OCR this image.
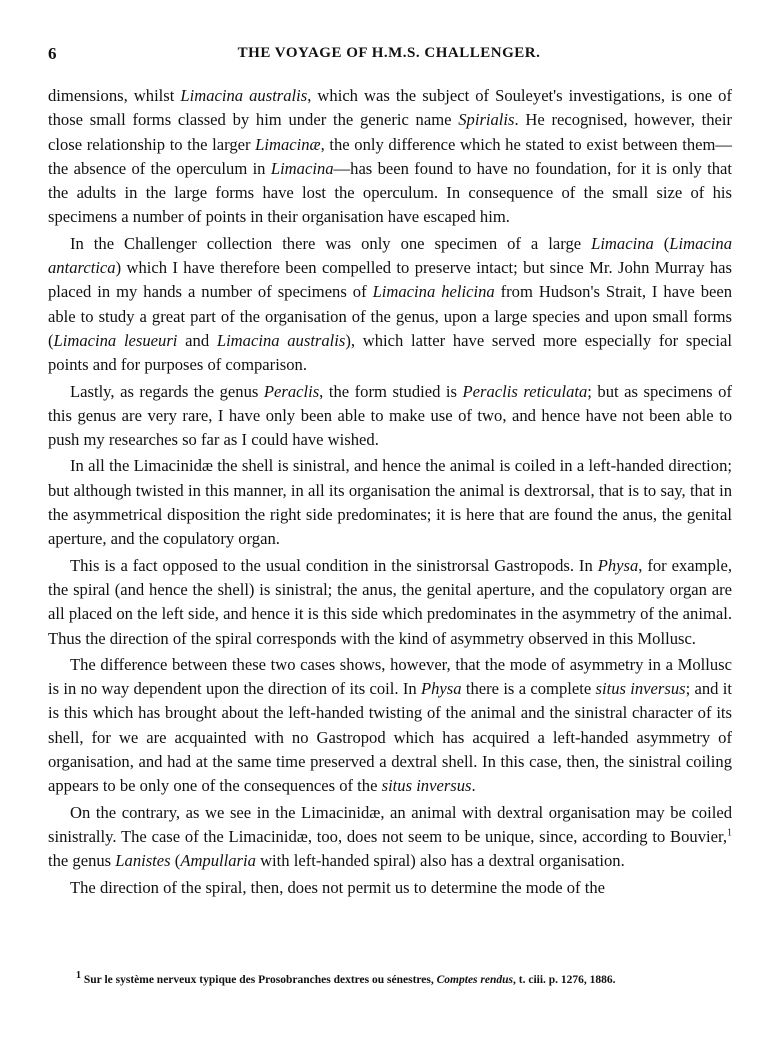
6	THE VOYAGE OF H.M.S. CHALLENGER.

dimensions, whilst Limacina australis, which was the subject of Souleyet's investigations, is one of those small forms classed by him under the generic name Spirialis. He recognised, however, their close relationship to the larger Limacinæ, the only difference which he stated to exist between them—the absence of the operculum in Limacina—has been found to have no foundation, for it is only that the adults in the large forms have lost the operculum. In consequence of the small size of his specimens a number of points in their organisation have escaped him.

In the Challenger collection there was only one specimen of a large Limacina (Limacina antarctica) which I have therefore been compelled to preserve intact; but since Mr. John Murray has placed in my hands a number of specimens of Limacina helicina from Hudson's Strait, I have been able to study a great part of the organisation of the genus, upon a large species and upon small forms (Limacina lesueuri and Limacina australis), which latter have served more especially for special points and for purposes of comparison.

Lastly, as regards the genus Peraclis, the form studied is Peraclis reticulata; but as specimens of this genus are very rare, I have only been able to make use of two, and hence have not been able to push my researches so far as I could have wished.

In all the Limacinidæ the shell is sinistral, and hence the animal is coiled in a left-handed direction; but although twisted in this manner, in all its organisation the animal is dextrorsal, that is to say, that in the asymmetrical disposition the right side predominates; it is here that are found the anus, the genital aperture, and the copulatory organ.

This is a fact opposed to the usual condition in the sinistrorsal Gastropods. In Physa, for example, the spiral (and hence the shell) is sinistral; the anus, the genital aperture, and the copulatory organ are all placed on the left side, and hence it is this side which predominates in the asymmetry of the animal. Thus the direction of the spiral corresponds with the kind of asymmetry observed in this Mollusc.

The difference between these two cases shows, however, that the mode of asymmetry in a Mollusc is in no way dependent upon the direction of its coil. In Physa there is a complete situs inversus; and it is this which has brought about the left-handed twisting of the animal and the sinistral character of its shell, for we are acquainted with no Gastropod which has acquired a left-handed asymmetry of organisation, and had at the same time preserved a dextral shell. In this case, then, the sinistral coiling appears to be only one of the consequences of the situs inversus.

On the contrary, as we see in the Limacinidæ, an animal with dextral organisation may be coiled sinistrally. The case of the Limacinidæ, too, does not seem to be unique, since, according to Bouvier,$^1$ the genus Lanistes (Ampullaria with left-handed spiral) also has a dextral organisation.

The direction of the spiral, then, does not permit us to determine the mode of the

$^1$ Sur le système nerveux typique des Prosobranches dextres ou sénestres, Comptes rendus, t. ciii. p. 1276, 1886.
